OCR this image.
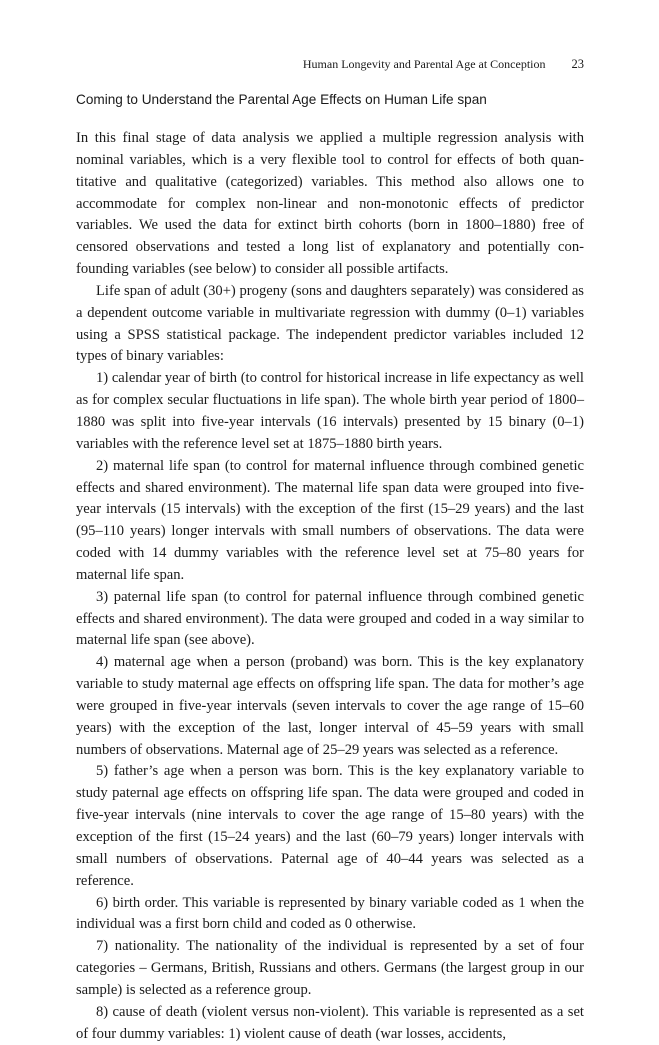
Human Longevity and Parental Age at Conception 23
Coming to Understand the Parental Age Effects on Human Life span

In this final stage of data analysis we applied a multiple regression analysis with nominal variables, which is a very flexible tool to control for effects of both quantitative and qualitative (categorized) variables. This method also allows one to accommodate for complex non-linear and non-monotonic effects of predictor variables. We used the data for extinct birth cohorts (born in 1800–1880) free of censored observations and tested a long list of explanatory and potentially confounding variables (see below) to consider all possible artifacts.

Life span of adult (30+) progeny (sons and daughters separately) was considered as a dependent outcome variable in multivariate regression with dummy (0–1) variables using a SPSS statistical package. The independent predictor variables included 12 types of binary variables:

1) calendar year of birth (to control for historical increase in life expectancy as well as for complex secular fluctuations in life span). The whole birth year period of 1800–1880 was split into five-year intervals (16 intervals) presented by 15 binary (0–1) variables with the reference level set at 1875–1880 birth years.

2) maternal life span (to control for maternal influence through combined genetic effects and shared environment). The maternal life span data were grouped into five-year intervals (15 intervals) with the exception of the first (15–29 years) and the last (95–110 years) longer intervals with small numbers of observations. The data were coded with 14 dummy variables with the reference level set at 75–80 years for maternal life span.

3) paternal life span (to control for paternal influence through combined genetic effects and shared environment). The data were grouped and coded in a way similar to maternal life span (see above).

4) maternal age when a person (proband) was born. This is the key explanatory variable to study maternal age effects on offspring life span. The data for mother’s age were grouped in five-year intervals (seven intervals to cover the age range of 15–60 years) with the exception of the last, longer interval of 45–59 years with small numbers of observations. Maternal age of 25–29 years was selected as a reference.

5) father’s age when a person was born. This is the key explanatory variable to study paternal age effects on offspring life span. The data were grouped and coded in five-year intervals (nine intervals to cover the age range of 15–80 years) with the exception of the first (15–24 years) and the last (60–79 years) longer intervals with small numbers of observations. Paternal age of 40–44 years was selected as a reference.

6) birth order. This variable is represented by binary variable coded as 1 when the individual was a first born child and coded as 0 otherwise.

7) nationality. The nationality of the individual is represented by a set of four categories – Germans, British, Russians and others. Germans (the largest group in our sample) is selected as a reference group.

8) cause of death (violent versus non-violent). This variable is represented as a set of four dummy variables: 1) violent cause of death (war losses, accidents,
